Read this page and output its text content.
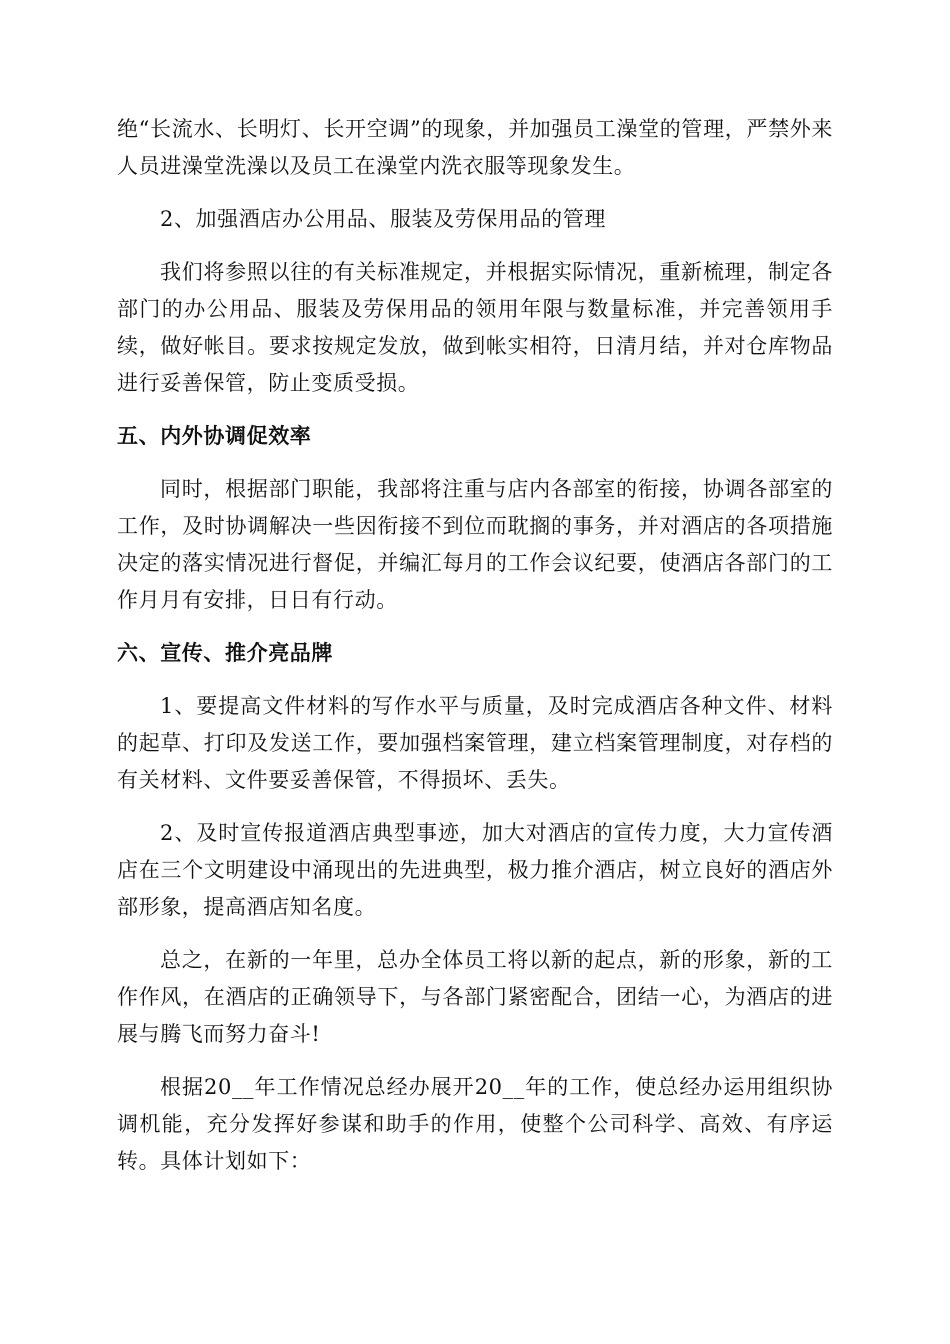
绝“长流水、长明灯、长开空调”的现象，并加强员工澡堂的管理，严禁外来人员进澡堂洗澡以及员工在澡堂内洗衣服等现象发生。

2、加强酒店办公用品、服装及劳保用品的管理

我们将参照以往的有关标准规定，并根据实际情况，重新梳理，制定各部门的办公用品、服装及劳保用品的领用年限与数量标准，并完善领用手续，做好帐目。要求按规定发放，做到帐实相符，日清月结，并对仓库物品进行妥善保管，防止变质受损。

五、内外协调促效率

同时，根据部门职能，我部将注重与店内各部室的衔接，协调各部室的工作，及时协调解决一些因衔接不到位而耽搁的事务，并对酒店的各项措施决定的落实情况进行督促，并编汇每月的工作会议纪要，使酒店各部门的工作月月有安排，日日有行动。

六、宣传、推介亮品牌

1、要提高文件材料的写作水平与质量，及时完成酒店各种文件、材料的起草、打印及发送工作，要加强档案管理，建立档案管理制度，对存档的有关材料、文件要妥善保管，不得损坏、丢失。

2、及时宣传报道酒店典型事迹，加大对酒店的宣传力度，大力宣传酒店在三个文明建设中涌现出的先进典型，极力推介酒店，树立良好的酒店外部形象，提高酒店知名度。

总之，在新的一年里，总办全体员工将以新的起点，新的形象，新的工作作风，在酒店的正确领导下，与各部门紧密配合，团结一心，为酒店的进展与腾飞而努力奋斗!

根据20__年工作情况总经办展开20__年的工作，使总经办运用组织协调机能，充分发挥好参谋和助手的作用，使整个公司科学、高效、有序运转。具体计划如下：
